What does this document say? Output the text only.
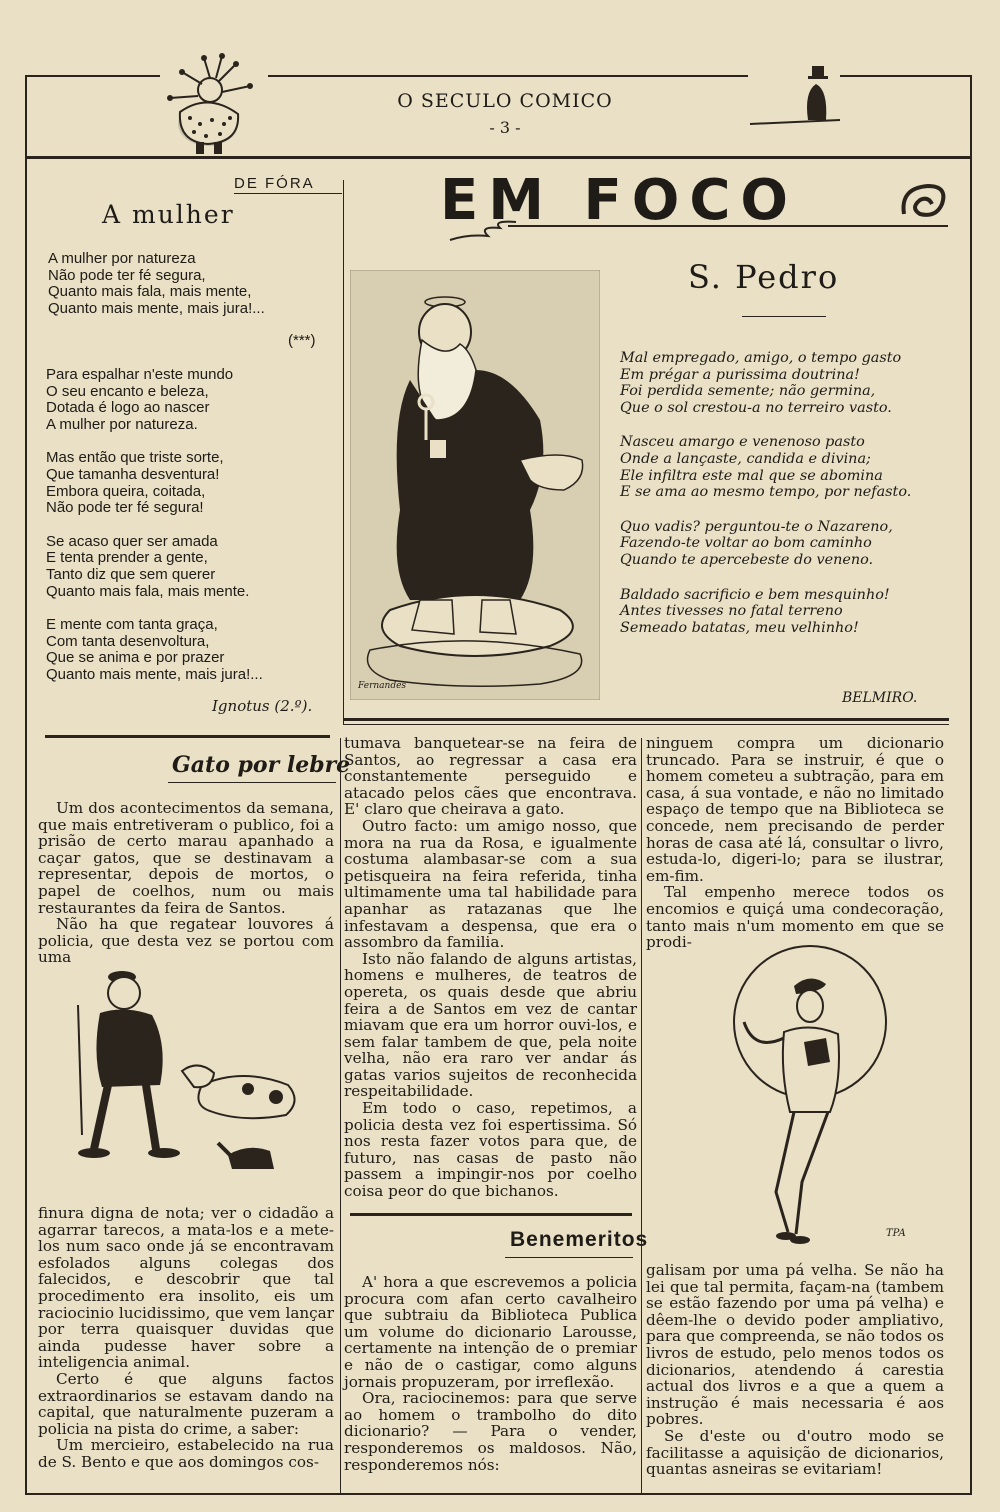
O SECULO COMICO
- 3 -
DE FÓRA
A mulher
A mulher por natureza
Não pode ter fé segura,
Quanto mais fala, mais mente,
Quanto mais mente, mais jura!...
(***)
Para espalhar n'este mundo
O seu encanto e beleza,
Dotada é logo ao nascer
A mulher por natureza.
Mas então que triste sorte,
Que tamanha desventura!
Embora queira, coitada,
Não pode ter fé segura!
Se acaso quer ser amada
E tenta prender a gente,
Tanto diz que sem querer
Quanto mais fala, mais mente.
E mente com tanta graça,
Com tanta desenvoltura,
Que se anima e por prazer
Quanto mais mente, mais jura!...
Ignotus (2.º).
EM FOCO
Fernandes
S. Pedro
Mal empregado, amigo, o tempo gasto
Em prégar a purissima doutrina!
Foi perdida semente; não germina,
Que o sol crestou-a no terreiro vasto.
Nasceu amargo e venenoso pasto
Onde a lançaste, candida e divina;
Ele infiltra este mal que se abomina
E se ama ao mesmo tempo, por nefasto.
Quo vadis? perguntou-te o Nazareno,
Fazendo-te voltar ao bom caminho
Quando te apercebeste do veneno.
Baldado sacrificio e bem mesquinho!
Antes tivesses no fatal terreno
Semeado batatas, meu velhinho!
BELMIRO.
Gato por lebre

Um dos acontecimentos da semana, que mais entretiveram o publico, foi a prisão de certo marau apanhado a caçar gatos, que se destinavam a representar, depois de mortos, o papel de coelhos, num ou mais restaurantes da feira de Santos.

Não ha que regatear louvores á policia, que desta vez se portou com uma

finura digna de nota; ver o cidadão a agarrar tarecos, a mata-los e a mete-los num saco onde já se encontravam esfolados alguns colegas dos falecidos, e descobrir que tal procedimento era insolito, eis um raciocinio lucidissimo, que vem lançar por terra quaisquer duvidas que ainda pudesse haver sobre a inteligencia animal.

Certo é que alguns factos extraordinarios se estavam dando na capital, que naturalmente puzeram a policia na pista do crime, a saber:

Um mercieiro, estabelecido na rua de S. Bento e que aos domingos cos-

tumava banquetear-se na feira de Santos, ao regressar a casa era constantemente perseguido e atacado pelos cães que encontrava. E' claro que cheirava a gato.

Outro facto: um amigo nosso, que mora na rua da Rosa, e igualmente costuma alambasar-se com a sua petisqueira na feira referida, tinha ultimamente uma tal habilidade para apanhar as ratazanas que lhe infestavam a despensa, que era o assombro da familia.

Isto não falando de alguns artistas, homens e mulheres, de teatros de opereta, os quais desde que abriu feira a de Santos em vez de cantar miavam que era um horror ouvi-los, e sem falar tambem de que, pela noite velha, não era raro ver andar ás gatas varios sujeitos de reconhecida respeitabilidade.

Em todo o caso, repetimos, a policia desta vez foi espertissima. Só nos resta fazer votos para que, de futuro, nas casas de pasto não passem a impingir-nos por coelho coisa peor do que bichanos.

Benemeritos

A' hora a que escrevemos a policia procura com afan certo cavalheiro que subtraiu da Biblioteca Publica um volume do dicionario Larousse, certamente na intenção de o premiar e não de o castigar, como alguns jornais propuzeram, por irreflexão.

Ora, raciocinemos: para que serve ao homem o trambolho do dito dicionario? — Para o vender, responderemos os maldosos. Não, responderemos nós:

ninguem compra um dicionario truncado. Para se instruir, é que o homem cometeu a subtração, para em casa, á sua vontade, e não no limitado espaço de tempo que na Biblioteca se concede, nem precisando de perder horas de casa até lá, consultar o livro, estuda-lo, digeri-lo; para se ilustrar, em-fim.

Tal empenho merece todos os encomios e quiçá uma condecoração, tanto mais n'um momento em que se prodi-

TPA

galisam por uma pá velha. Se não ha lei que tal permita, façam-na (tambem se estão fazendo por uma pá velha) e dêem-lhe o devido poder ampliativo, para que compreenda, se não todos os livros de estudo, pelo menos todos os dicionarios, atendendo á carestia actual dos livros e a que a quem a instrução é mais necessaria é aos pobres.

Se d'este ou d'outro modo se facilitasse a aquisição de dicionarios, quantas asneiras se evitariam!
